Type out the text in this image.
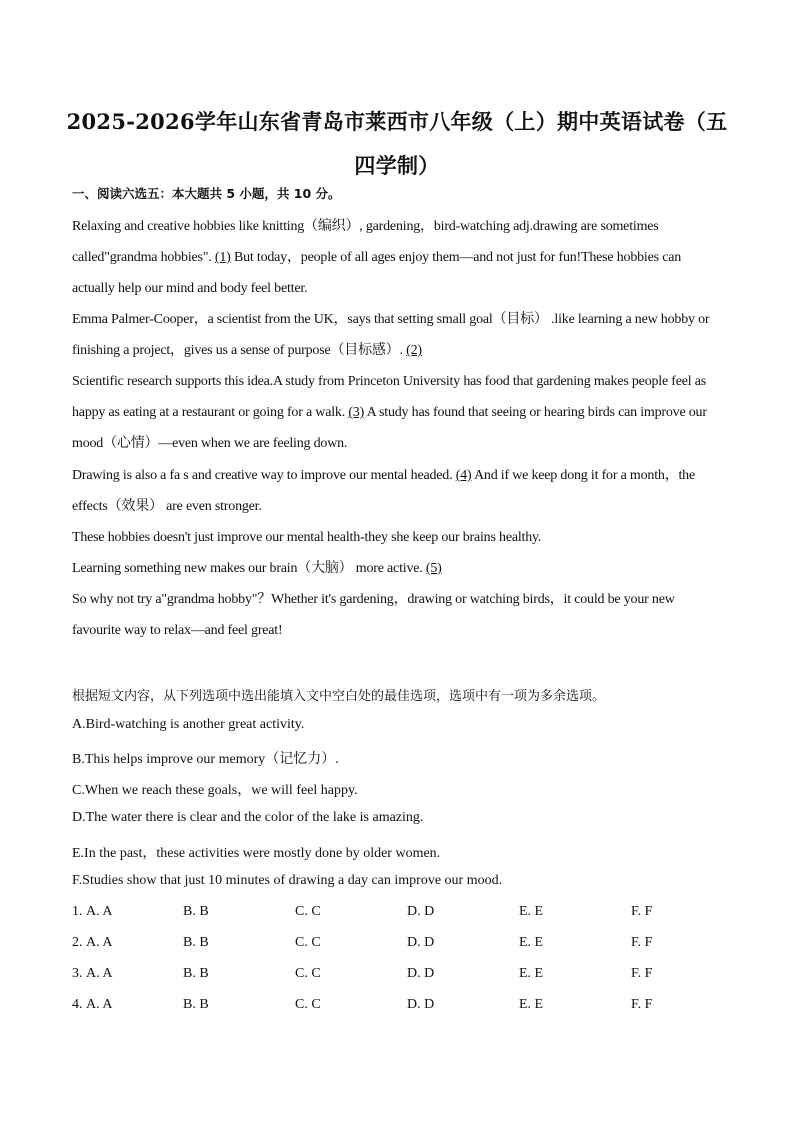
2025-2026学年山东省青岛市莱西市八年级（上）期中英语试卷（五
四学制）
一、阅读六选五：本大题共 5 小题，共 10 分。
Relaxing and creative hobbies like knitting（编织）, gardening，bird-watching adj.drawing are sometimes called"grandma hobbies". (1) But today，people of all ages enjoy them—and not just for fun!These hobbies can actually help our mind and body feel better.
Emma Palmer-Cooper，a scientist from the UK，says that setting small goal（目标） .like learning a new hobby or finishing a project，gives us a sense of purpose（目标感）. (2)
Scientific research supports this idea.A study from Princeton University has food that gardening makes people feel as happy as eating at a restaurant or going for a walk. (3) A study has found that seeing or hearing birds can improve our mood（心情）—even when we are feeling down.
Drawing is also a fa s and creative way to improve our mental headed. (4) And if we keep dong it for a month，the effects（效果） are even stronger.
These hobbies doesn't just improve our mental health-they she keep our brains healthy.
Learning something new makes our brain（大脑） more active. (5)
So why not try a"grandma hobby"？Whether it's gardening，drawing or watching birds，it could be your new favourite way to relax—and feel great!
根据短文内容，从下列选项中选出能填入文中空白处的最佳选项，选项中有一项为多余选项。
A.Bird-watching is another great activity.
B.This helps improve our memory（记忆力）.
C.When we reach these goals，we will feel happy.
D.The water there is clear and the color of the lake is amazing.
E.In the past，these activities were mostly done by older women.
F.Studies show that just 10 minutes of drawing a day can improve our mood.
1. A. A	B. B	C. C	D. D	E. E	F. F
2. A. A	B. B	C. C	D. D	E. E	F. F
3. A. A	B. B	C. C	D. D	E. E	F. F
4. A. A	B. B	C. C	D. D	E. E	F. F
